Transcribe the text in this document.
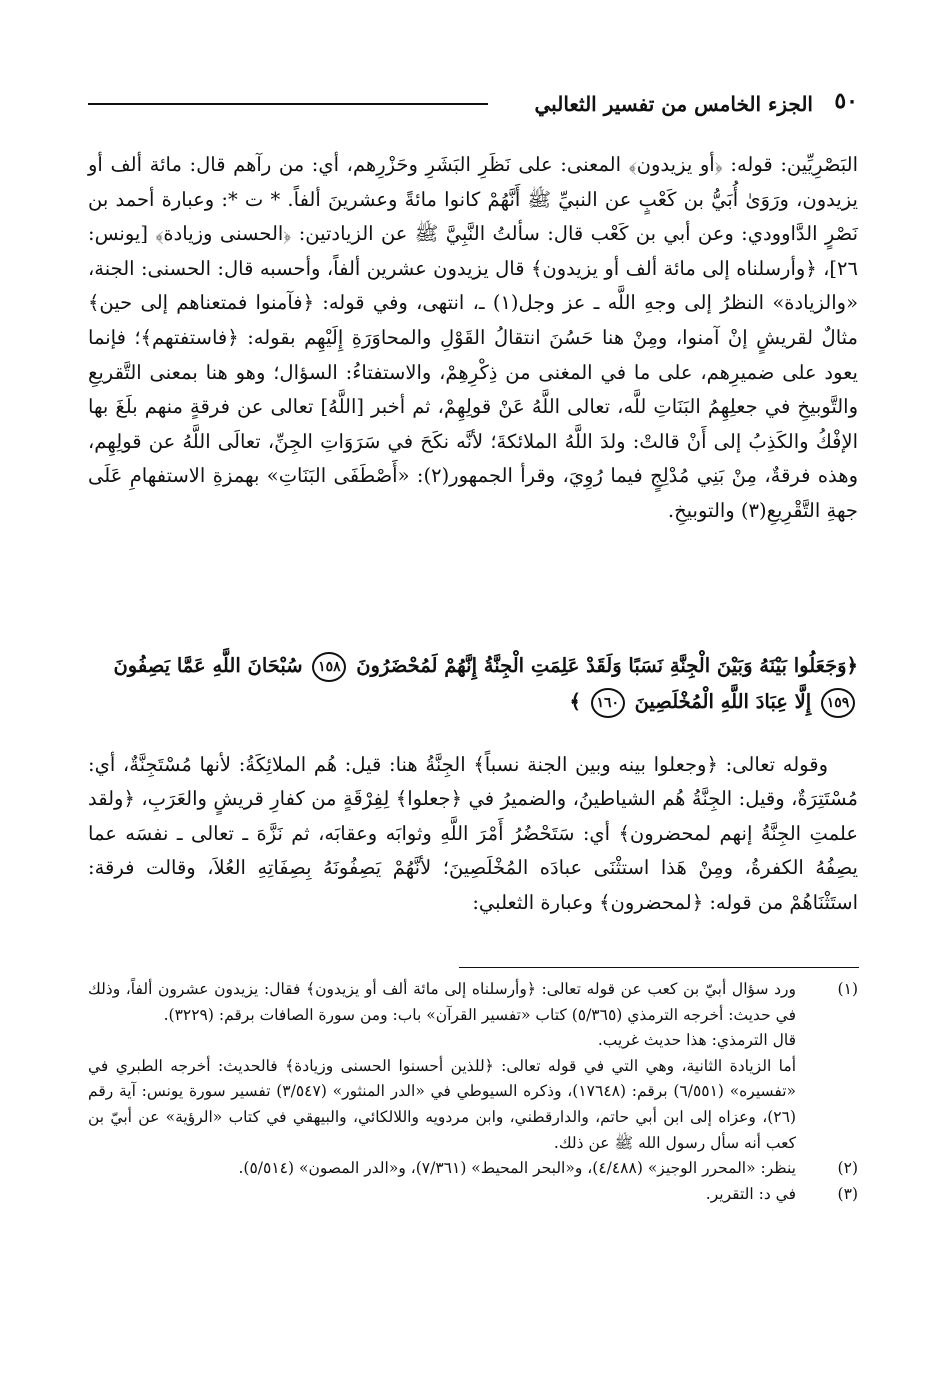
٥٠
الجزء الخامس من تفسير الثعالبي

البَصْرِيِّين: قوله: ﴿أو يزيدون﴾ المعنى: على نَظَرِ البَشَرِ وحَزْرِهم، أي: من رآهم قال: مائة ألف أو يزيدون، ورَوَىٰ أُبَيُّ بن كَعْبٍ عن النبيِّ ﷺ أَنَّهُمْ كانوا مائةً وعشرينَ ألفاً. * ت *: وعبارة أحمد بن نَصْرٍ الدَّاوودي: وعن أبي بن كَعْب قال: سألتُ النَّبِيَّ ﷺ عن الزيادتين: ﴿الحسنى وزيادة﴾ [يونس: ٢٦]، ﴿وأرسلناه إلى مائة ألف أو يزيدون﴾ قال يزيدون عشرين ألفاً، وأحسبه قال: الحسنى: الجنة، «والزيادة» النظرُ إلى وجهِ اللَّه ـ عز وجل(١) ـ، انتهى، وفي قوله: ﴿فآمنوا فمتعناهم إلى حين﴾ مثالٌ لقريشٍ إنْ آمنوا، ومِنْ هنا حَسُنَ انتقالُ القَوْلِ والمحاوَرَةِ إِلَيْهِم بقوله: ﴿فاستفتهم﴾؛ فإنما يعود على ضميرِهم، على ما في المغنى من ذِكْرِهِمْ، والاستفتاءُ: السؤال؛ وهو هنا بمعنى التَّقريعِ والتَّوبيخِ في جعلِهِمُ البَنَاتِ للَّه، تعالى اللَّهُ عَنْ قولِهِمْ، ثم أخبر [اللَّهُ] تعالى عن فرقةٍ منهم بلَغَ بها الإفْكُ والكَذِبُ إلى أَنْ قالتْ: ولدَ اللَّهُ الملائكةَ؛ لأنَّه نكَحَ في سَرَوَاتِ الجِنِّ، تعالَى اللَّهُ عن قولِهِم، وهذه فرقةٌ، مِنْ بَنِي مُدْلِجٍ فيما رُوِيَ، وقرأ الجمهور(٢): «أَصْطَفَى البَنَاتِ» بهمزةِ الاستفهامِ عَلَى جهةِ التَّقْرِيعِ(٣) والتوبيخِ.

﴿وَجَعَلُوا بَيْنَهُ وَبَيْنَ الْجِنَّةِ نَسَبًا وَلَقَدْ عَلِمَتِ الْجِنَّةُ إِنَّهُمْ لَمُحْضَرُونَ ١٥٨ سُبْحَانَ اللَّهِ عَمَّا يَصِفُونَ ١٥٩ إِلَّا عِبَادَ اللَّهِ الْمُخْلَصِينَ ١٦٠ ﴾

وقوله تعالى: ﴿وجعلوا بينه وبين الجنة نسباً﴾ الجِنَّةُ هنا: قيل: هُم الملائِكَةُ: لأنها مُسْتَجِنَّةٌ، أي: مُسْتَتِرَةٌ، وقيل: الجِنَّةُ هُم الشياطينُ، والضميرُ في ﴿جعلوا﴾ لِفِرْقَةٍ من كفارِ قريشٍ والعَرَبِ، ﴿ولقد علمتِ الجِنَّةُ إنهم لمحضرون﴾ أي: سَتَحْضُرُ أَمْرَ اللَّهِ وثوابَه وعقابَه، ثم نَزَّهَ ـ تعالى ـ نفسَه عما يصِفُهُ الكفرةُ، ومِنْ هَذا استثْنَى عبادَه المُخْلَصِينَ؛ لأنَّهُمْ يَصِفُونَهُ بِصِفَاتِهِ العُلاَ، وقالت فرقة: استَثْنَاهُمْ من قوله: ﴿لمحضرون﴾ وعبارة الثعلبي:

(١)

ورد سؤال أبيّ بن كعب عن قوله تعالى: ﴿وأرسلناه إلى مائة ألف أو يزيدون﴾ فقال: يزيدون عشرون ألفاً، وذلك في حديث: أخرجه الترمذي (٥/٣٦٥) كتاب «تفسير القرآن» باب: ومن سورة الصافات برقم: (٣٢٢٩).

قال الترمذي: هذا حديث غريب.

أما الزيادة الثانية، وهي التي في قوله تعالى: ﴿للذين أحسنوا الحسنى وزيادة﴾ فالحديث: أخرجه الطبري في «تفسيره» (٦/٥٥١) برقم: (١٧٦٤٨)، وذكره السيوطي في «الدر المنثور» (٣/٥٤٧) تفسير سورة يونس: آية رقم (٢٦)، وعزاه إلى ابن أبي حاتم، والدارقطني، وابن مردويه واللالكائي، والبيهقي في كتاب «الرؤية» عن أبيّ بن كعب أنه سأل رسول الله ﷺ عن ذلك.

(٢)

ينظر: «المحرر الوجيز» (٤/٤٨٨)، و«البحر المحيط» (٧/٣٦١)، و«الدر المصون» (٥/٥١٤).

(٣)

في د: التقرير.
